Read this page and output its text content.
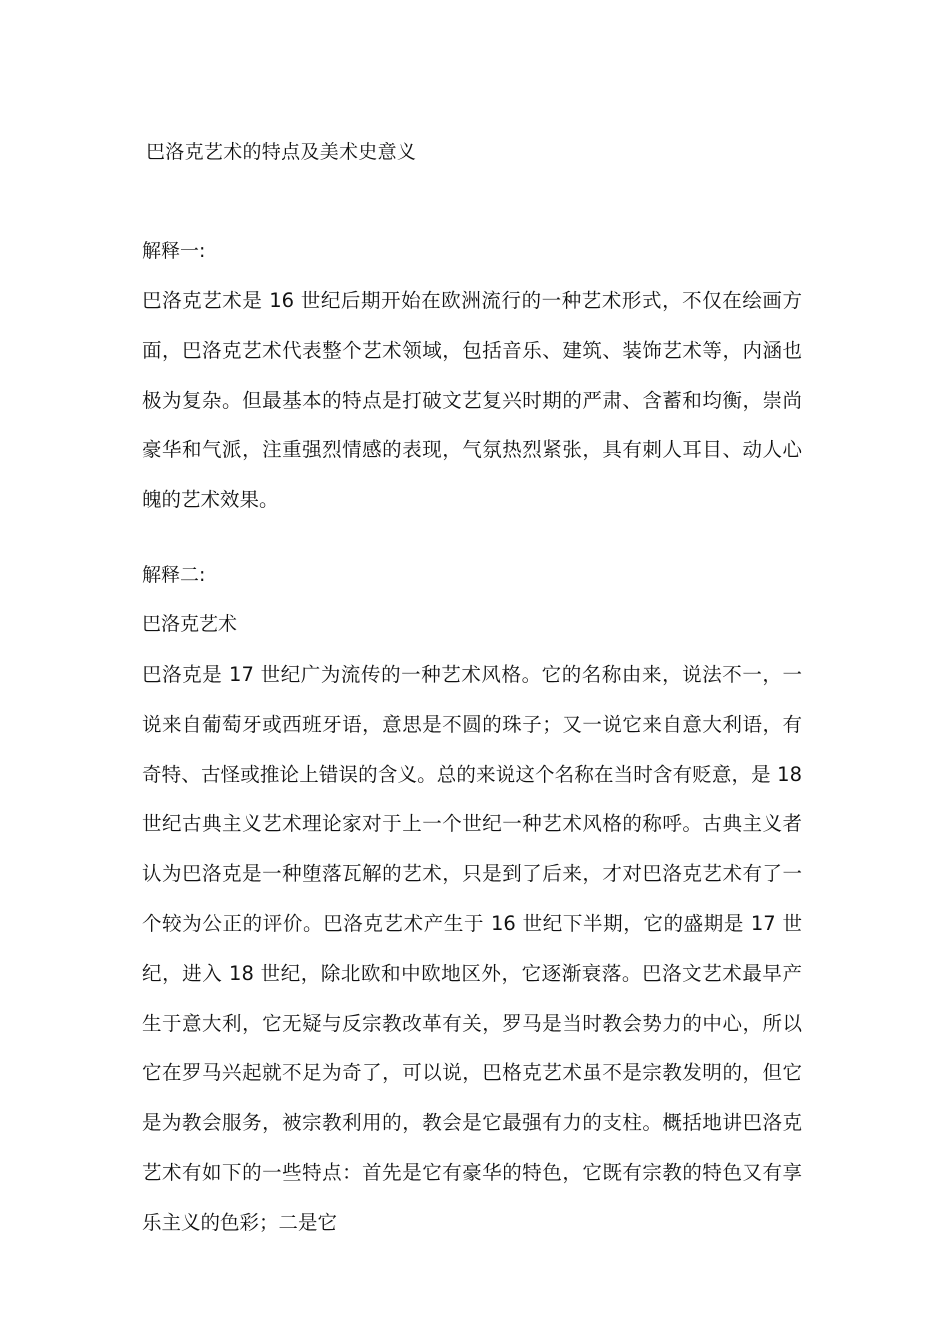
巴洛克艺术的特点及美术史意义
解释一:

巴洛克艺术是 16 世纪后期开始在欧洲流行的一种艺术形式，不仅在绘画方面，巴洛克艺术代表整个艺术领域，包括音乐、建筑、装饰艺术等，内涵也极为复杂。但最基本的特点是打破文艺复兴时期的严肃、含蓄和均衡，崇尚豪华和气派，注重强烈情感的表现，气氛热烈紧张，具有刺人耳目、动人心魄的艺术效果。

解释二:
巴洛克艺术

巴洛克是 17 世纪广为流传的一种艺术风格。它的名称由来，说法不一，一说来自葡萄牙或西班牙语，意思是不圆的珠子；又一说它来自意大利语，有奇特、古怪或推论上错误的含义。总的来说这个名称在当时含有贬意，是 18 世纪古典主义艺术理论家对于上一个世纪一种艺术风格的称呼。古典主义者认为巴洛克是一种堕落瓦解的艺术，只是到了后来，才对巴洛克艺术有了一个较为公正的评价。巴洛克艺术产生于 16 世纪下半期，它的盛期是 17 世纪，进入 18 世纪，除北欧和中欧地区外，它逐渐衰落。巴洛文艺术最早产生于意大利，它无疑与反宗教改革有关，罗马是当时教会势力的中心，所以它在罗马兴起就不足为奇了，可以说，巴格克艺术虽不是宗教发明的，但它是为教会服务，被宗教利用的，教会是它最强有力的支柱。概括地讲巴洛克艺术有如下的一些特点：首先是它有豪华的特色，它既有宗教的特色又有享乐主义的色彩；二是它
